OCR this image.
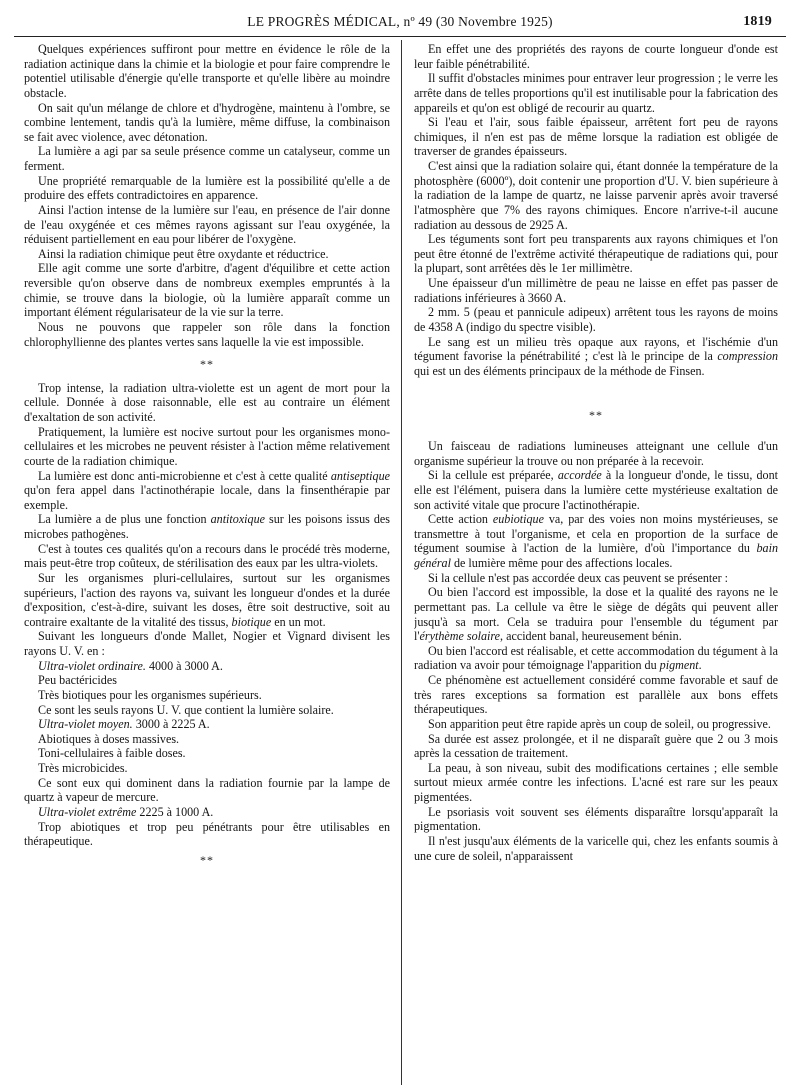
LE PROGRÈS MÉDICAL, nº 49 (30 Novembre 1925)	1819

Quelques expériences suffiront pour mettre en évidence le rôle de la radiation actinique dans la chimie et la biologie et pour faire comprendre le potentiel utilisable d'énergie qu'elle transporte et qu'elle libère au moindre obstacle.

On sait qu'un mélange de chlore et d'hydrogène, maintenu à l'ombre, se combine lentement, tandis qu'à la lumière, même diffuse, la combinaison se fait avec violence, avec détonation.

La lumière a agi par sa seule présence comme un catalyseur, comme un ferment.

Une propriété remarquable de la lumière est la possibilité qu'elle a de produire des effets contradictoires en apparence.

Ainsi l'action intense de la lumière sur l'eau, en présence de l'air donne de l'eau oxygénée et ces mêmes rayons agissant sur l'eau oxygénée, la réduisent partiellement en eau pour libérer de l'oxygène.

Ainsi la radiation chimique peut être oxydante et réductrice.

Elle agit comme une sorte d'arbitre, d'agent d'équilibre et cette action reversible qu'on observe dans de nombreux exemples empruntés à la chimie, se trouve dans la biologie, où la lumière apparaît comme un important élément régularisateur de la vie sur la terre.

Nous ne pouvons que rappeler son rôle dans la fonction chlorophyllienne des plantes vertes sans laquelle la vie est impossible.

**

Trop intense, la radiation ultra-violette est un agent de mort pour la cellule. Donnée à dose raisonnable, elle est au contraire un élément d'exaltation de son activité.

Pratiquement, la lumière est nocive surtout pour les organismes mono-cellulaires et les microbes ne peuvent résister à l'action même relativement courte de la radiation chimique.

La lumière est donc anti-microbienne et c'est à cette qualité antiseptique qu'on fera appel dans l'actinothérapie locale, dans la finsenthérapie par exemple.

La lumière a de plus une fonction antitoxique sur les poisons issus des microbes pathogènes.

C'est à toutes ces qualités qu'on a recours dans le procédé très moderne, mais peut-être trop coûteux, de stérilisation des eaux par les ultra-violets.

Sur les organismes pluri-cellulaires, surtout sur les organismes supérieurs, l'action des rayons va, suivant les longueur d'ondes et la durée d'exposition, c'est-à-dire, suivant les doses, être soit destructive, soit au contraire exaltante de la vitalité des tissus, biotique en un mot.

Suivant les longueurs d'onde Mallet, Nogier et Vignard divisent les rayons U. V. en :

Ultra-violet ordinaire. 4000 à 3000 A.

Peu bactéricides

Très biotiques pour les organismes supérieurs.

Ce sont les seuls rayons U. V. que contient la lumière solaire.

Ultra-violet moyen. 3000 à 2225 A.

Abiotiques à doses massives.

Toni-cellulaires à faible doses.

Très microbicides.

Ce sont eux qui dominent dans la radiation fournie par la lampe de quartz à vapeur de mercure.

Ultra-violet extrême 2225 à 1000 A.

Trop abiotiques et trop peu pénétrants pour être utilisables en thérapeutique.

**

En effet une des propriétés des rayons de courte longueur d'onde est leur faible pénétrabilité.

Il suffit d'obstacles minimes pour entraver leur progression ; le verre les arrête dans de telles proportions qu'il est inutilisable pour la fabrication des appareils et qu'on est obligé de recourir au quartz.

Si l'eau et l'air, sous faible épaisseur, arrêtent fort peu de rayons chimiques, il n'en est pas de même lorsque la radiation est obligée de traverser de grandes épaisseurs.

C'est ainsi que la radiation solaire qui, étant donnée la température de la photosphère (6000º), doit contenir une proportion d'U. V. bien supérieure à la radiation de la lampe de quartz, ne laisse parvenir après avoir traversé l'atmosphère que 7% des rayons chimiques. Encore n'arrive-t-il aucune radiation au dessous de 2925 A.

Les téguments sont fort peu transparents aux rayons chimiques et l'on peut être étonné de l'extrême activité thérapeutique de radiations qui, pour la plupart, sont arrêtées dès le 1er millimètre.

Une épaisseur d'un millimètre de peau ne laisse en effet pas passer de radiations inférieures à 3660 A.

2 mm. 5 (peau et pannicule adipeux) arrêtent tous les rayons de moins de 4358 A (indigo du spectre visible).

Le sang est un milieu très opaque aux rayons, et l'ischémie d'un tégument favorise la pénétrabilité ; c'est là le principe de la compression qui est un des éléments principaux de la méthode de Finsen.

**

Un faisceau de radiations lumineuses atteignant une cellule d'un organisme supérieur la trouve ou non préparée à la recevoir.

Si la cellule est préparée, accordée à la longueur d'onde, le tissu, dont elle est l'élément, puisera dans la lumière cette mystérieuse exaltation de son activité vitale que procure l'actinothérapie.

Cette action eubiotique va, par des voies non moins mystérieuses, se transmettre à tout l'organisme, et cela en proportion de la surface de tégument soumise à l'action de la lumière, d'où l'importance du bain général de lumière même pour des affections locales.

Si la cellule n'est pas accordée deux cas peuvent se présenter :

Ou bien l'accord est impossible, la dose et la qualité des rayons ne le permettant pas. La cellule va être le siège de dégâts qui peuvent aller jusqu'à sa mort. Cela se traduira pour l'ensemble du tégument par l'érythème solaire, accident banal, heureusement bénin.

Ou bien l'accord est réalisable, et cette accommodation du tégument à la radiation va avoir pour témoignage l'apparition du pigment.

Ce phénomène est actuellement considéré comme favorable et sauf de très rares exceptions sa formation est parallèle aux bons effets thérapeutiques.

Son apparition peut être rapide après un coup de soleil, ou progressive.

Sa durée est assez prolongée, et il ne disparaît guère que 2 ou 3 mois après la cessation de traitement.

La peau, à son niveau, subit des modifications certaines ; elle semble surtout mieux armée contre les infections. L'acné est rare sur les peaux pigmentées.

Le psoriasis voit souvent ses éléments disparaître lorsqu'apparaît la pigmentation.

Il n'est jusqu'aux éléments de la varicelle qui, chez les enfants soumis à une cure de soleil, n'apparaissent
